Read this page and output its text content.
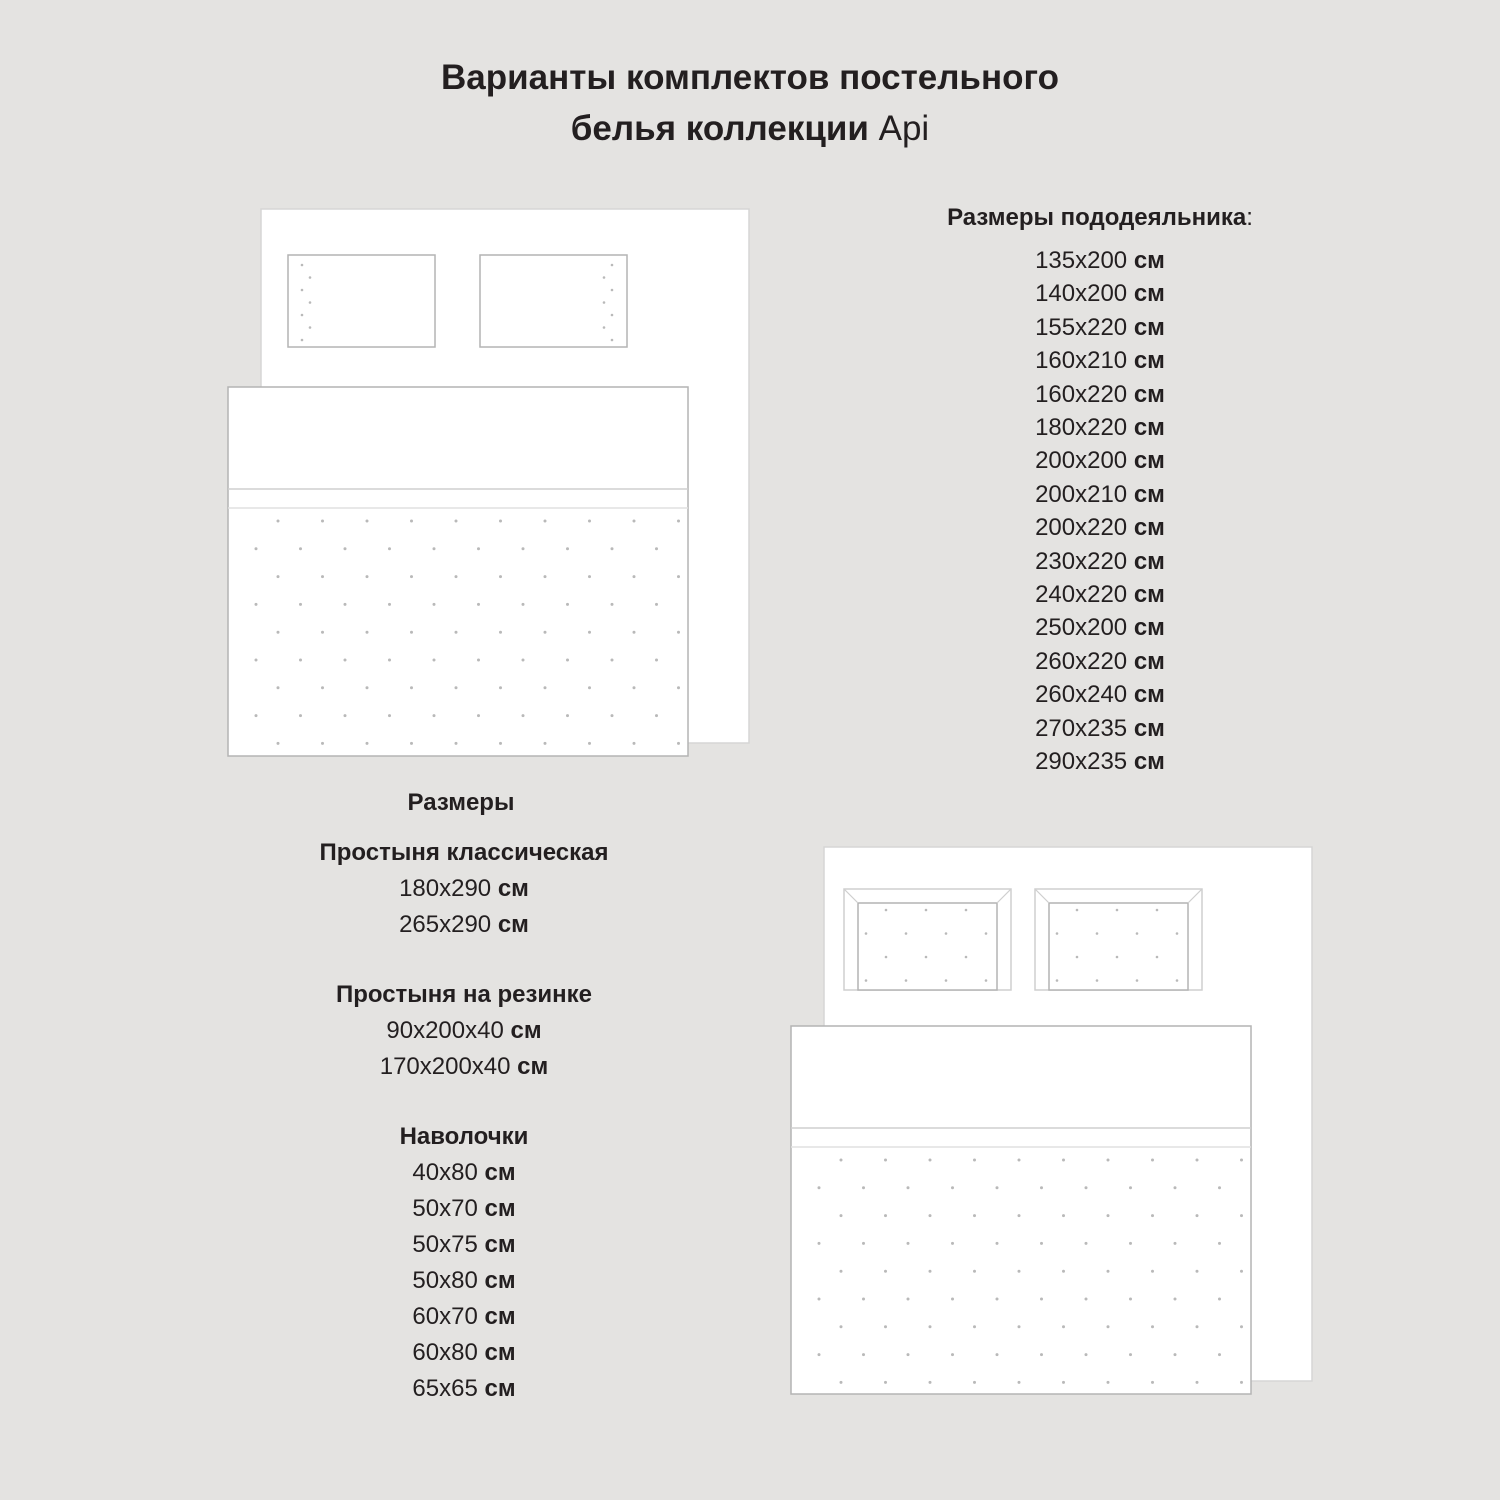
Варианты комплектов постельного
белья коллекции Api
Размеры пододеяльника:
135x200 см
140x200 см
155x220 см
160x210 см
160x220 см
180x220 см
200x200 см
200x210 см
200x220 см
230x220 см
240x220 см
250x200 см
260x220 см
260x240 см
270x235 см
290x235 см
Размеры
Простыня классическая
180x290 см
265x290 см
Простыня на резинке
90x200x40 см
170x200x40 см
Наволочки
40x80 см
50x70 см
50x75 см
50x80 см
60x70 см
60x80 см
65x65 см
